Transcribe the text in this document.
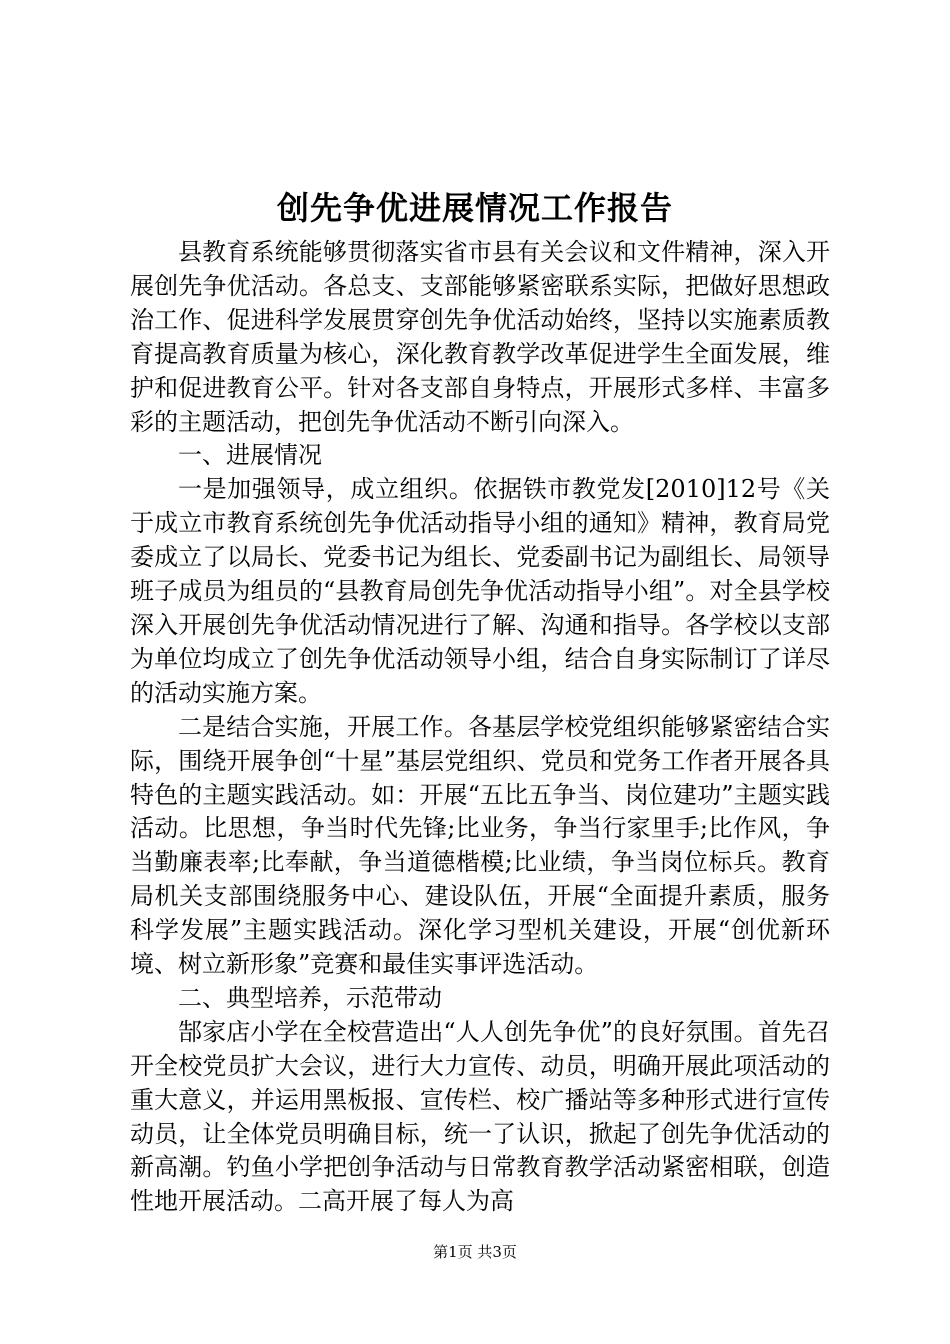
创先争优进展情况工作报告

县教育系统能够贯彻落实省市县有关会议和文件精神，深入开展创先争优活动。各总支、支部能够紧密联系实际，把做好思想政治工作、促进科学发展贯穿创先争优活动始终，坚持以实施素质教育提高教育质量为核心，深化教育教学改革促进学生全面发展，维护和促进教育公平。针对各支部自身特点，开展形式多样、丰富多彩的主题活动，把创先争优活动不断引向深入。

一、进展情况

一是加强领导，成立组织。依据铁市教党发[2010]12号《关于成立市教育系统创先争优活动指导小组的通知》精神，教育局党委成立了以局长、党委书记为组长、党委副书记为副组长、局领导班子成员为组员的“县教育局创先争优活动指导小组”。对全县学校深入开展创先争优活动情况进行了解、沟通和指导。各学校以支部为单位均成立了创先争优活动领导小组，结合自身实际制订了详尽的活动实施方案。

二是结合实施，开展工作。各基层学校党组织能够紧密结合实际，围绕开展争创“十星”基层党组织、党员和党务工作者开展各具特色的主题实践活动。如：开展“五比五争当、岗位建功”主题实践活动。比思想，争当时代先锋;比业务，争当行家里手;比作风，争当勤廉表率;比奉献，争当道德楷模;比业绩，争当岗位标兵。教育局机关支部围绕服务中心、建设队伍，开展“全面提升素质，服务科学发展”主题实践活动。深化学习型机关建设，开展“创优新环境、树立新形象”竞赛和最佳实事评选活动。

二、典型培养，示范带动

郜家店小学在全校营造出“人人创先争优”的良好氛围。首先召开全校党员扩大会议，进行大力宣传、动员，明确开展此项活动的重大意义，并运用黑板报、宣传栏、校广播站等多种形式进行宣传动员，让全体党员明确目标，统一了认识，掀起了创先争优活动的新高潮。钓鱼小学把创争活动与日常教育教学活动紧密相联，创造性地开展活动。二高开展了每人为高

第1页 共3页
